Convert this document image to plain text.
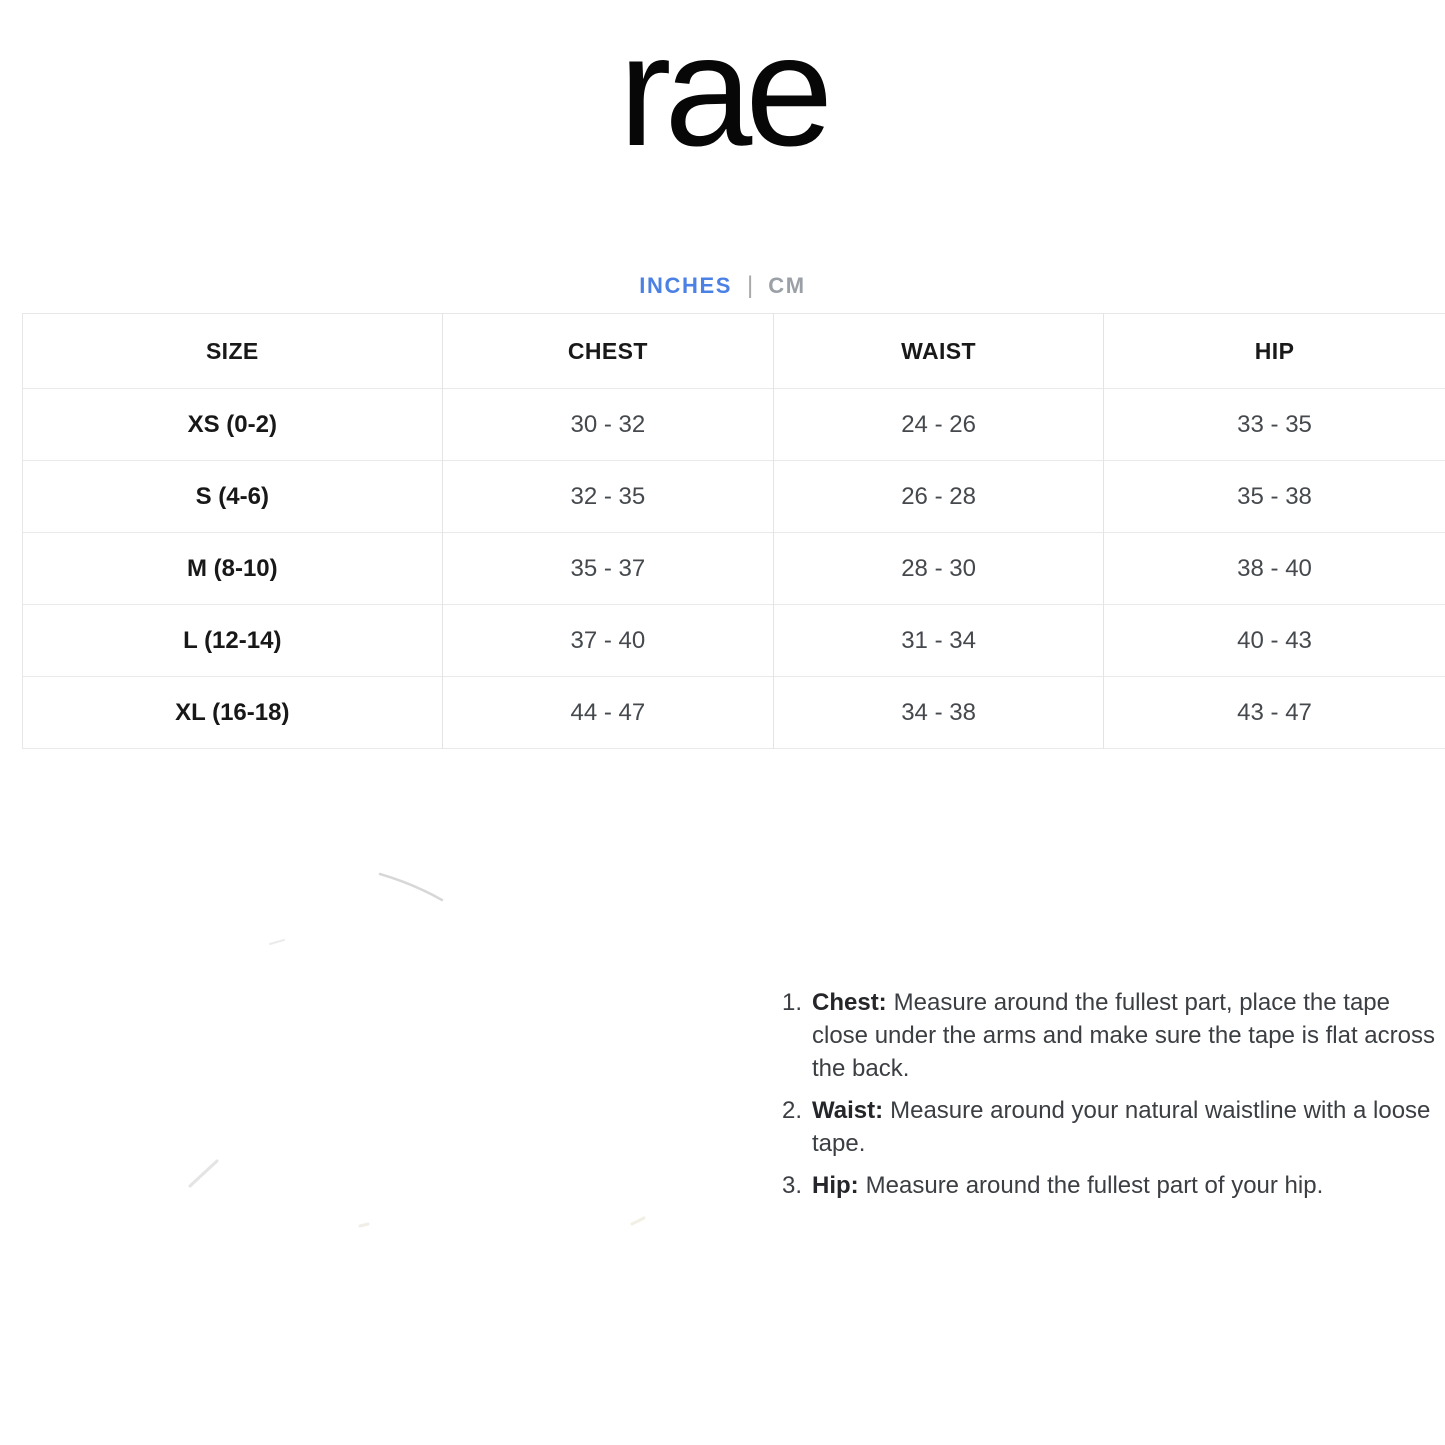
rae
INCHES | CM
SIZE	CHEST	WAIST	HIP
XS (0-2)	30 - 32	24 - 26	33 - 35
S (4-6)	32 - 35	26 - 28	35 - 38
M (8-10)	35 - 37	28 - 30	38 - 40
L (12-14)	37 - 40	31 - 34	40 - 43
XL (16-18)	44 - 47	34 - 38	43 - 47
1. Chest: Measure around the fullest part, place the tape close under the arms and make sure the tape is flat across the back.

2. Waist: Measure around your natural waistline with a loose tape.

3. Hip: Measure around the fullest part of your hip.
